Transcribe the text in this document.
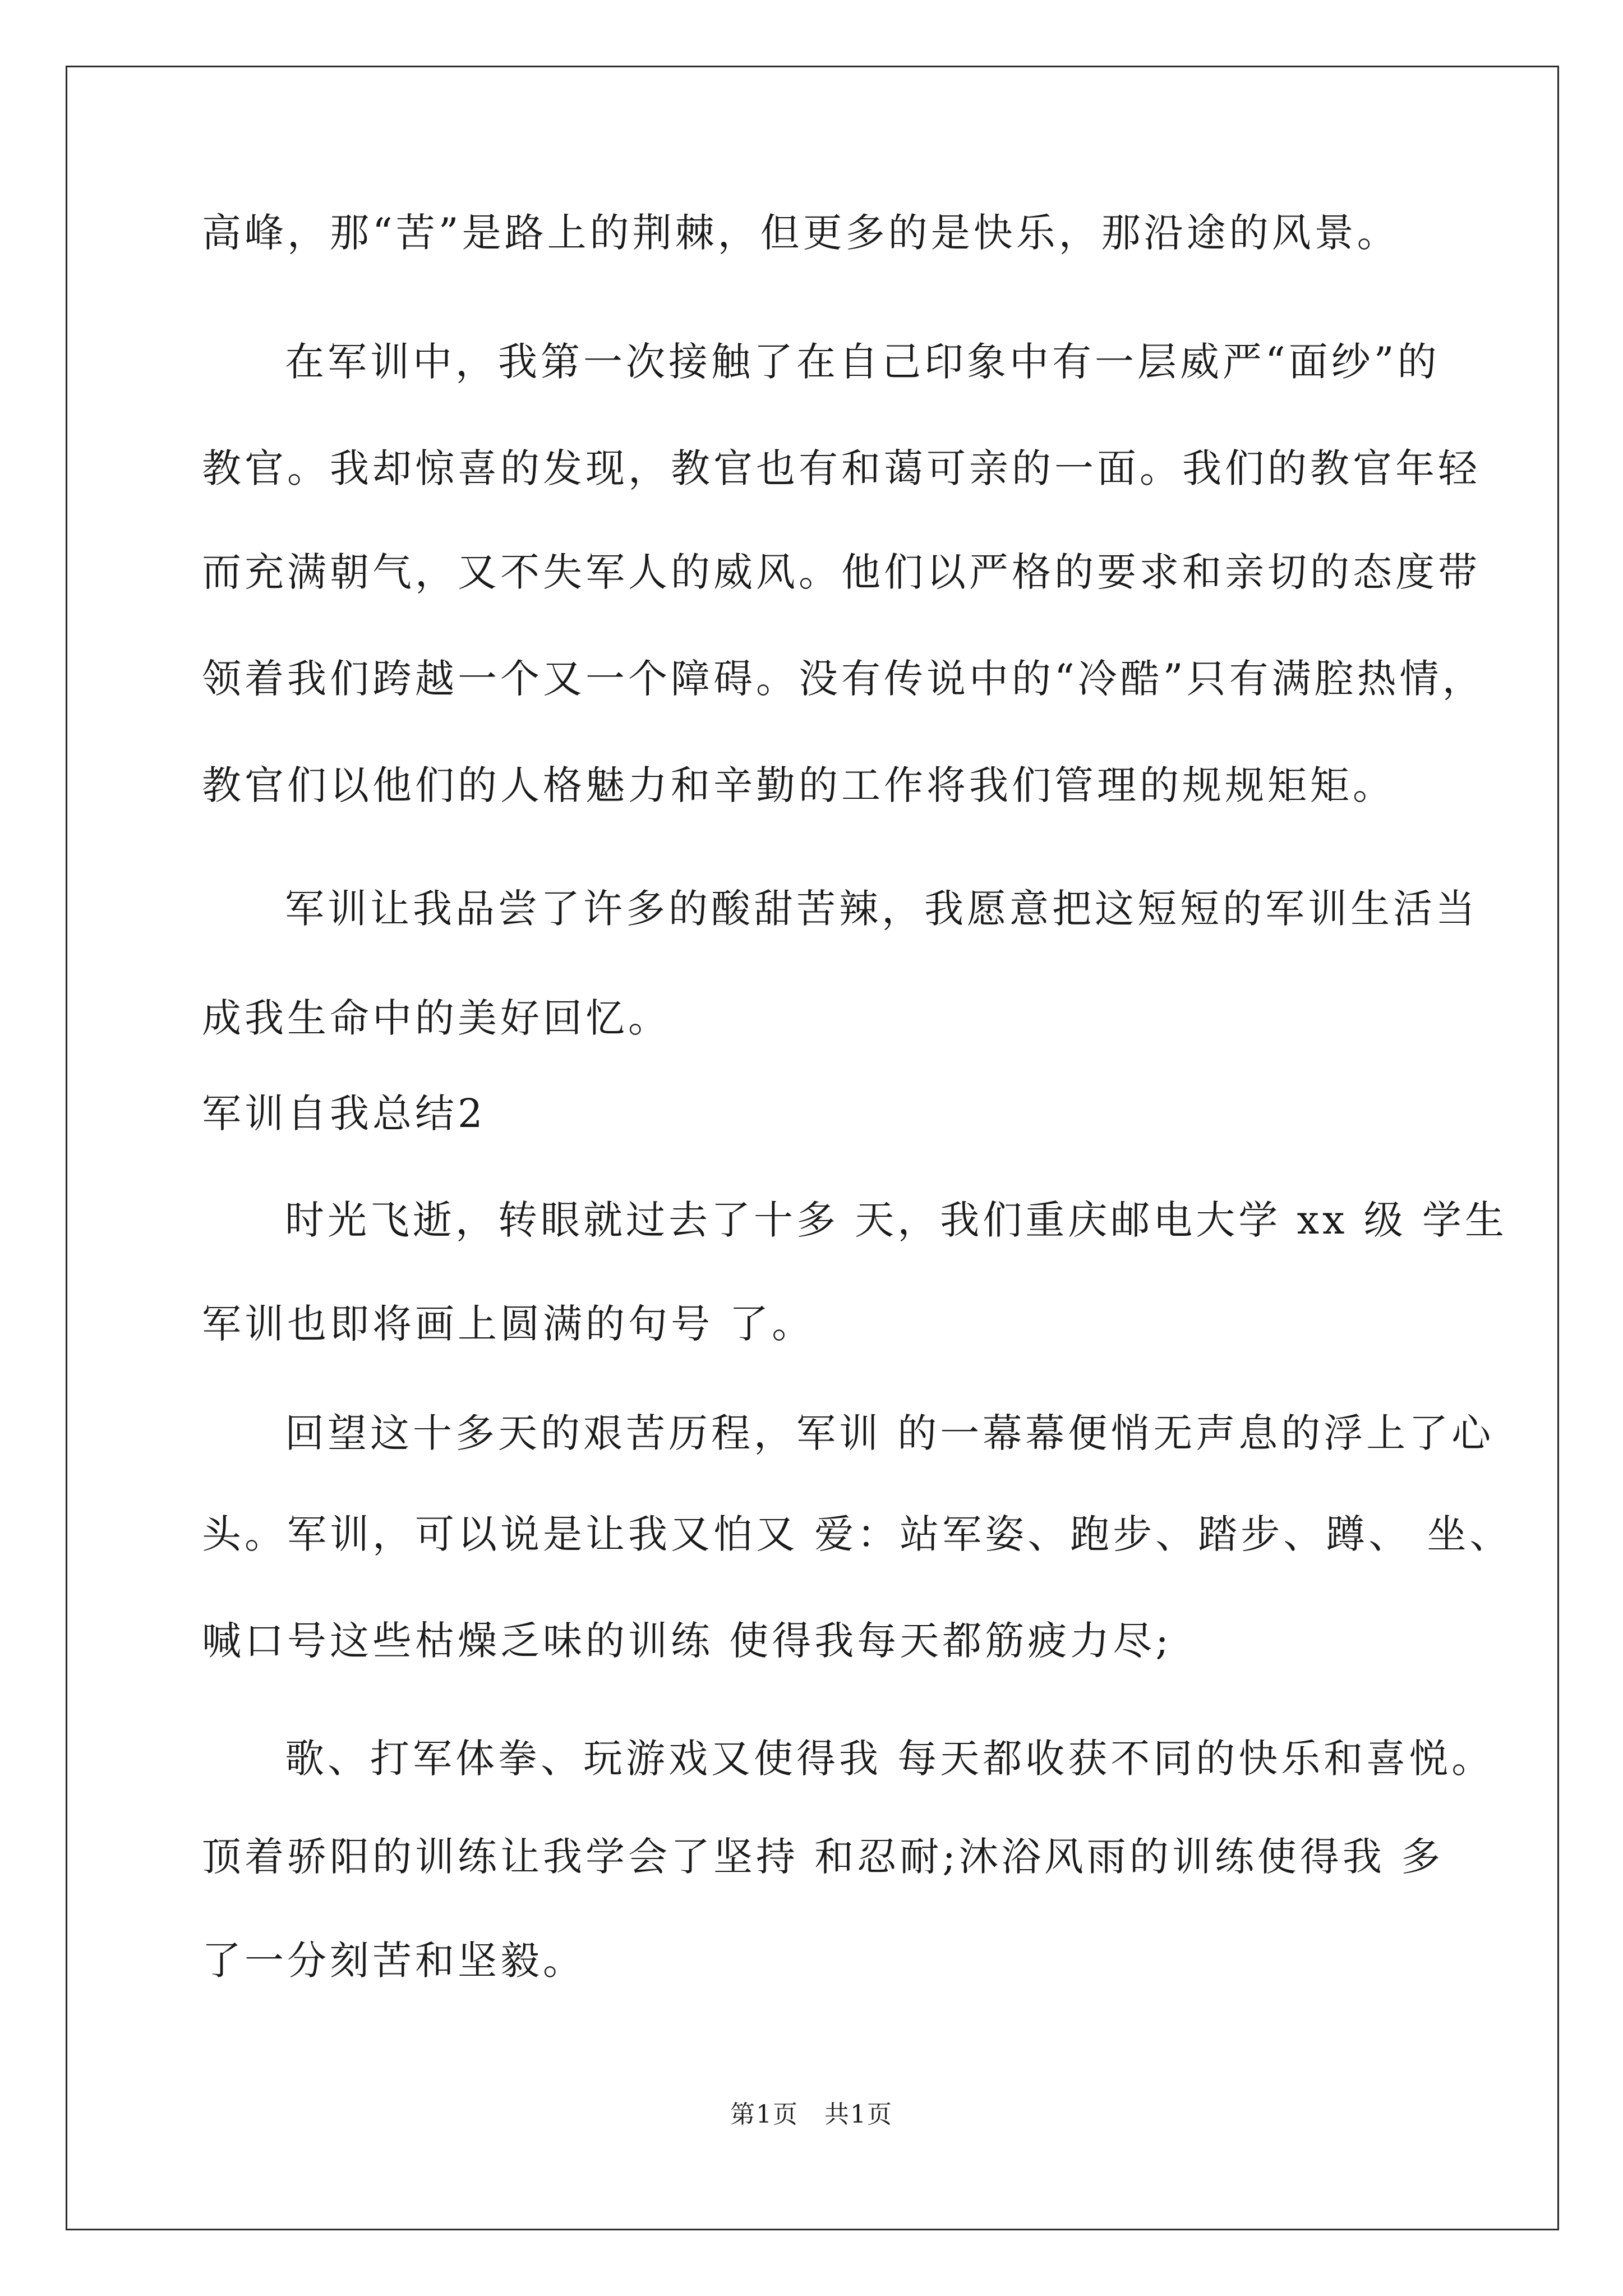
高峰，那“苦”是路上的荆棘，但更多的是快乐，那沿途的风景。
在军训中，我第一次接触了在自己印象中有一层威严“面纱”的
教官。我却惊喜的发现，教官也有和蔼可亲的一面。我们的教官年轻
而充满朝气，又不失军人的威风。他们以严格的要求和亲切的态度带
领着我们跨越一个又一个障碍。没有传说中的“冷酷”只有满腔热情，
教官们以他们的人格魅力和辛勤的工作将我们管理的规规矩矩。
军训让我品尝了许多的酸甜苦辣，我愿意把这短短的军训生活当
成我生命中的美好回忆。
军训自我总结2
时光飞逝，转眼就过去了十多 天，我们重庆邮电大学 xx 级 学生
军训也即将画上圆满的句号 了。
回望这十多天的艰苦历程，军训 的一幕幕便悄无声息的浮上了心
头。军训，可以说是让我又怕又 爱：站军姿、跑步、踏步、蹲、 坐、
喊口号这些枯燥乏味的训练 使得我每天都筋疲力尽;
歌、打军体拳、玩游戏又使得我 每天都收获不同的快乐和喜悦。
顶着骄阳的训练让我学会了坚持 和忍耐;沐浴风雨的训练使得我 多
了一分刻苦和坚毅。
第1页　共1页
